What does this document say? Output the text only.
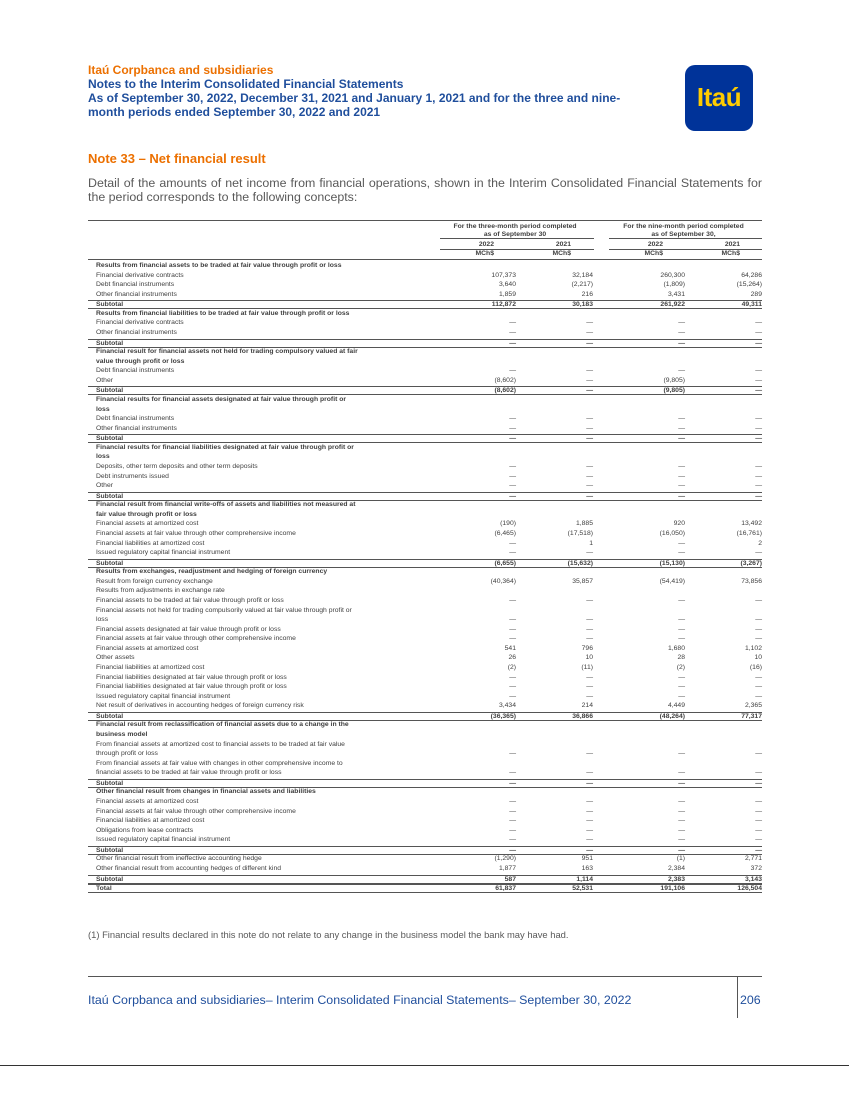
Itaú Corpbanca and subsidiaries
Notes to the Interim Consolidated Financial Statements
As of September 30, 2022, December 31, 2021 and January 1, 2021 and for the three and nine-
month periods ended September 30, 2022 and 2021	Itaú
Note 33 – Net financial result
Detail of the amounts of net income from financial operations, shown in the Interim Consolidated Financial Statements for the period corresponds to the following concepts:
For the three-month period completed
as of September 30
For the nine-month period completed
as of September 30,
2022	2021	2022	2021
MCh$	MCh$	MCh$	MCh$
Results from financial assets to be traded at fair value through profit or loss
Financial derivative contracts	107,373	32,184	260,300	64,286
Debt financial instruments	3,640	(2,217)	(1,809)	(15,264)
Other financial instruments	1,859	216	3,431	289
Subtotal	112,872	30,183	261,922	49,311
Results from financial liabilities to be traded at fair value through profit or loss
Financial derivative contracts	—	—	—	—
Other financial instruments	—	—	—	—
Subtotal	—	—	—	—
Financial result for financial assets not held for trading compulsory valued at fair
value through profit or loss
Debt financial instruments	—	—	—	—
Other	(8,602)	—	(9,805)	—
Subtotal	(8,602)	—	(9,805)	—
Financial results for financial assets designated at fair value through profit or
loss
Debt financial instruments	—	—	—	—
Other financial instruments	—	—	—	—
Subtotal	—	—	—	—
Financial results for financial liabilities designated at fair value through profit or
loss
Deposits, other term deposits and other term deposits	—	—	—	—
Debt instruments issued	—	—	—	—
Other	—	—	—	—
Subtotal	—	—	—	—
Financial result from financial write-offs of assets and liabilities not measured at
fair value through profit or loss
Financial assets at amortized cost	(190)	1,885	920	13,492
Financial assets at fair value through other comprehensive income	(6,465)	(17,518)	(16,050)	(16,761)
Financial liabilities at amortized cost	—	1	—	2
Issued regulatory capital financial instrument	—	—	—	—
Subtotal	(6,655)	(15,632)	(15,130)	(3,267)
Results from exchanges, readjustment and hedging of foreign currency
Result from foreign currency exchange	(40,364)	35,857	(54,419)	73,856
Results from adjustments in exchange rate
Financial assets to be traded at fair value through profit or loss	—	—	—	—
Financial assets not held for trading compulsorily valued at fair value through profit or
loss	—	—	—	—
Financial assets designated at fair value through profit or loss	—	—	—	—
Financial assets at fair value through other comprehensive income	—	—	—	—
Financial assets at amortized cost	541	796	1,680	1,102
Other assets	26	10	28	10
Financial liabilities at amortized cost	(2)	(11)	(2)	(16)
Financial liabilities designated at fair value through profit or loss	—	—	—	—
Financial liabilities designated at fair value through profit or loss	—	—	—	—
Issued regulatory capital financial instrument	—	—	—	—
Net result of derivatives in accounting hedges of foreign currency risk	3,434	214	4,449	2,365
Subtotal	(36,365)	36,866	(48,264)	77,317
Financial result from reclassification of financial assets due to a change in the
business model
From financial assets at amortized cost to financial assets to be traded at fair value
through profit or loss	—	—	—	—
From financial assets at fair value with changes in other comprehensive income to
financial assets to be traded at fair value through profit or loss	—	—	—	—
Subtotal	—	—	—	—
Other financial result from changes in financial assets and liabilities
Financial assets at amortized cost	—	—	—	—
Financial assets at fair value through other comprehensive income	—	—	—	—
Financial liabilities at amortized cost	—	—	—	—
Obligations from lease contracts	—	—	—	—
Issued regulatory capital financial instrument	—	—	—	—
Subtotal	—	—	—	—
Other financial result from ineffective accounting hedge	(1,290)	951	(1)	2,771
Other financial result from accounting hedges of different kind	1,877	163	2,384	372
Subtotal	587	1,114	2,383	3,143
Total	61,837	52,531	191,106	126,504
(1) Financial results declared in this note do not relate to any change in the business model the bank may have had.
Itaú Corpbanca and subsidiaries– Interim Consolidated Financial Statements– September 30, 2022	206
